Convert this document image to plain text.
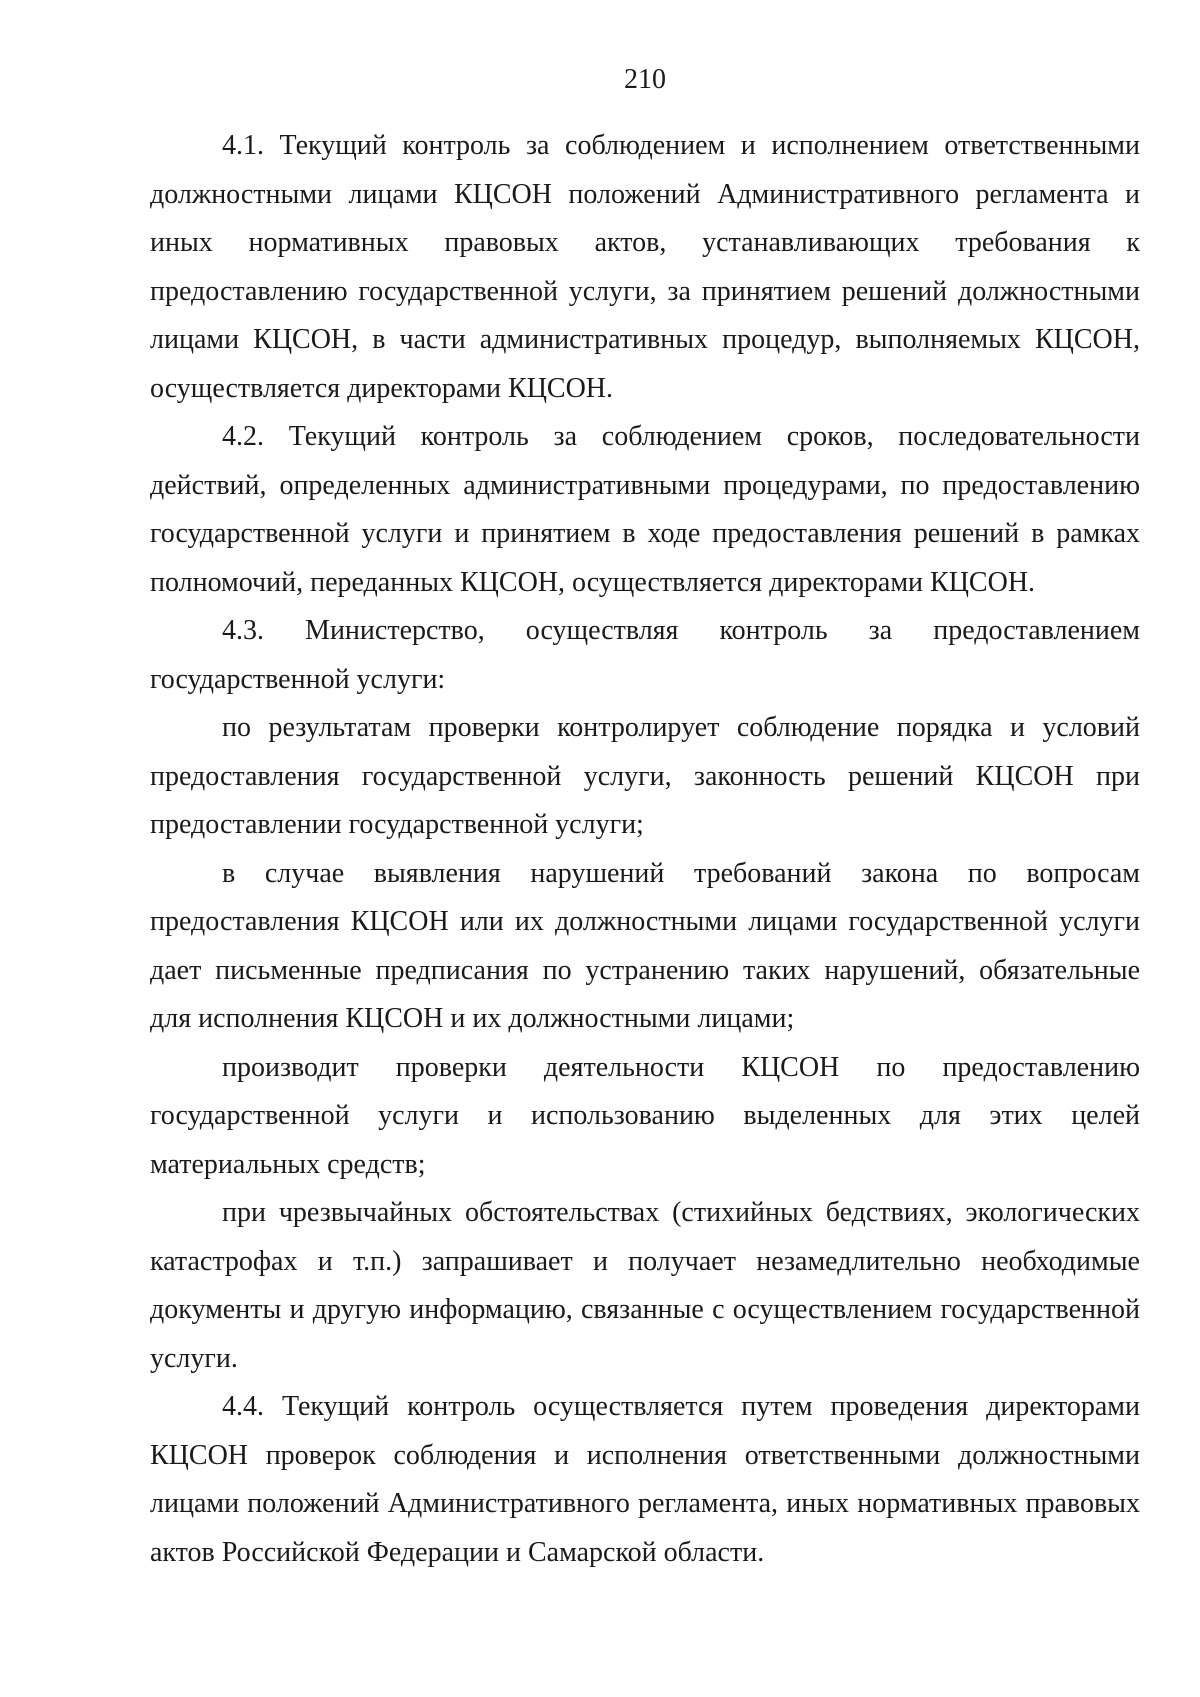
210

4.1. Текущий контроль за соблюдением и исполнением ответственными должностными лицами КЦСОН положений Административного регламента и иных нормативных правовых актов, устанавливающих требования к предоставлению государственной услуги, за принятием решений должностными лицами КЦСОН, в части административных процедур, выполняемых КЦСОН, осуществляется директорами КЦСОН.

4.2. Текущий контроль за соблюдением сроков, последовательности действий, определенных административными процедурами, по предоставлению государственной услуги и принятием в ходе предоставления решений в рамках полномочий, переданных КЦСОН, осуществляется директорами КЦСОН.

4.3. Министерство, осуществляя контроль за предоставлением государственной услуги:

по результатам проверки контролирует соблюдение порядка и условий предоставления государственной услуги, законность решений КЦСОН при предоставлении государственной услуги;

в случае выявления нарушений требований закона по вопросам предоставления КЦСОН или их должностными лицами государственной услуги дает письменные предписания по устранению таких нарушений, обязательные для исполнения КЦСОН и их должностными лицами;

производит проверки деятельности КЦСОН по предоставлению государственной услуги и использованию выделенных для этих целей материальных средств;

при чрезвычайных обстоятельствах (стихийных бедствиях, экологических катастрофах и т.п.) запрашивает и получает незамедлительно необходимые документы и другую информацию, связанные с осуществлением государственной услуги.

4.4. Текущий контроль осуществляется путем проведения директорами КЦСОН проверок соблюдения и исполнения ответственными должностными лицами положений Административного регламента, иных нормативных правовых актов Российской Федерации и Самарской области.
